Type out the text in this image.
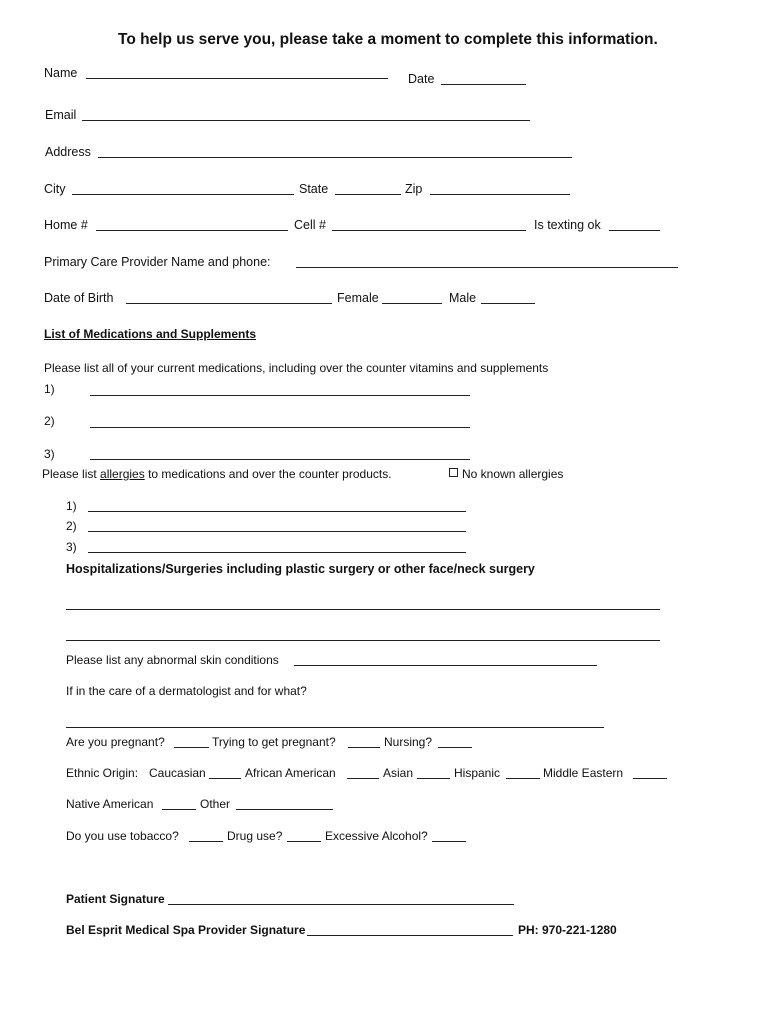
To help us serve you, please take a moment to complete this information.
Name	Date
Email
Address
City	State	Zip
Home #	Cell #	Is texting ok
Primary Care Provider Name and phone:
Date of Birth	Female	Male
List of Medications and Supplements
Please list all of your current medications, including over the counter vitamins and supplements
1)
2)
3)
Please list allergies to medications and over the counter products.	No known allergies
1)
2)
3)
Hospitalizations/Surgeries including plastic surgery or other face/neck surgery
Please list any abnormal skin conditions
If in the care of a dermatologist and for what?
Are you pregnant?	Trying to get pregnant?	Nursing?
Ethnic Origin: Caucasian	African American	Asian	Hispanic	Middle Eastern
Native American	Other
Do you use tobacco?	Drug use?	Excessive Alcohol?
Patient Signature
Bel Esprit Medical Spa Provider Signature	PH: 970-221-1280
